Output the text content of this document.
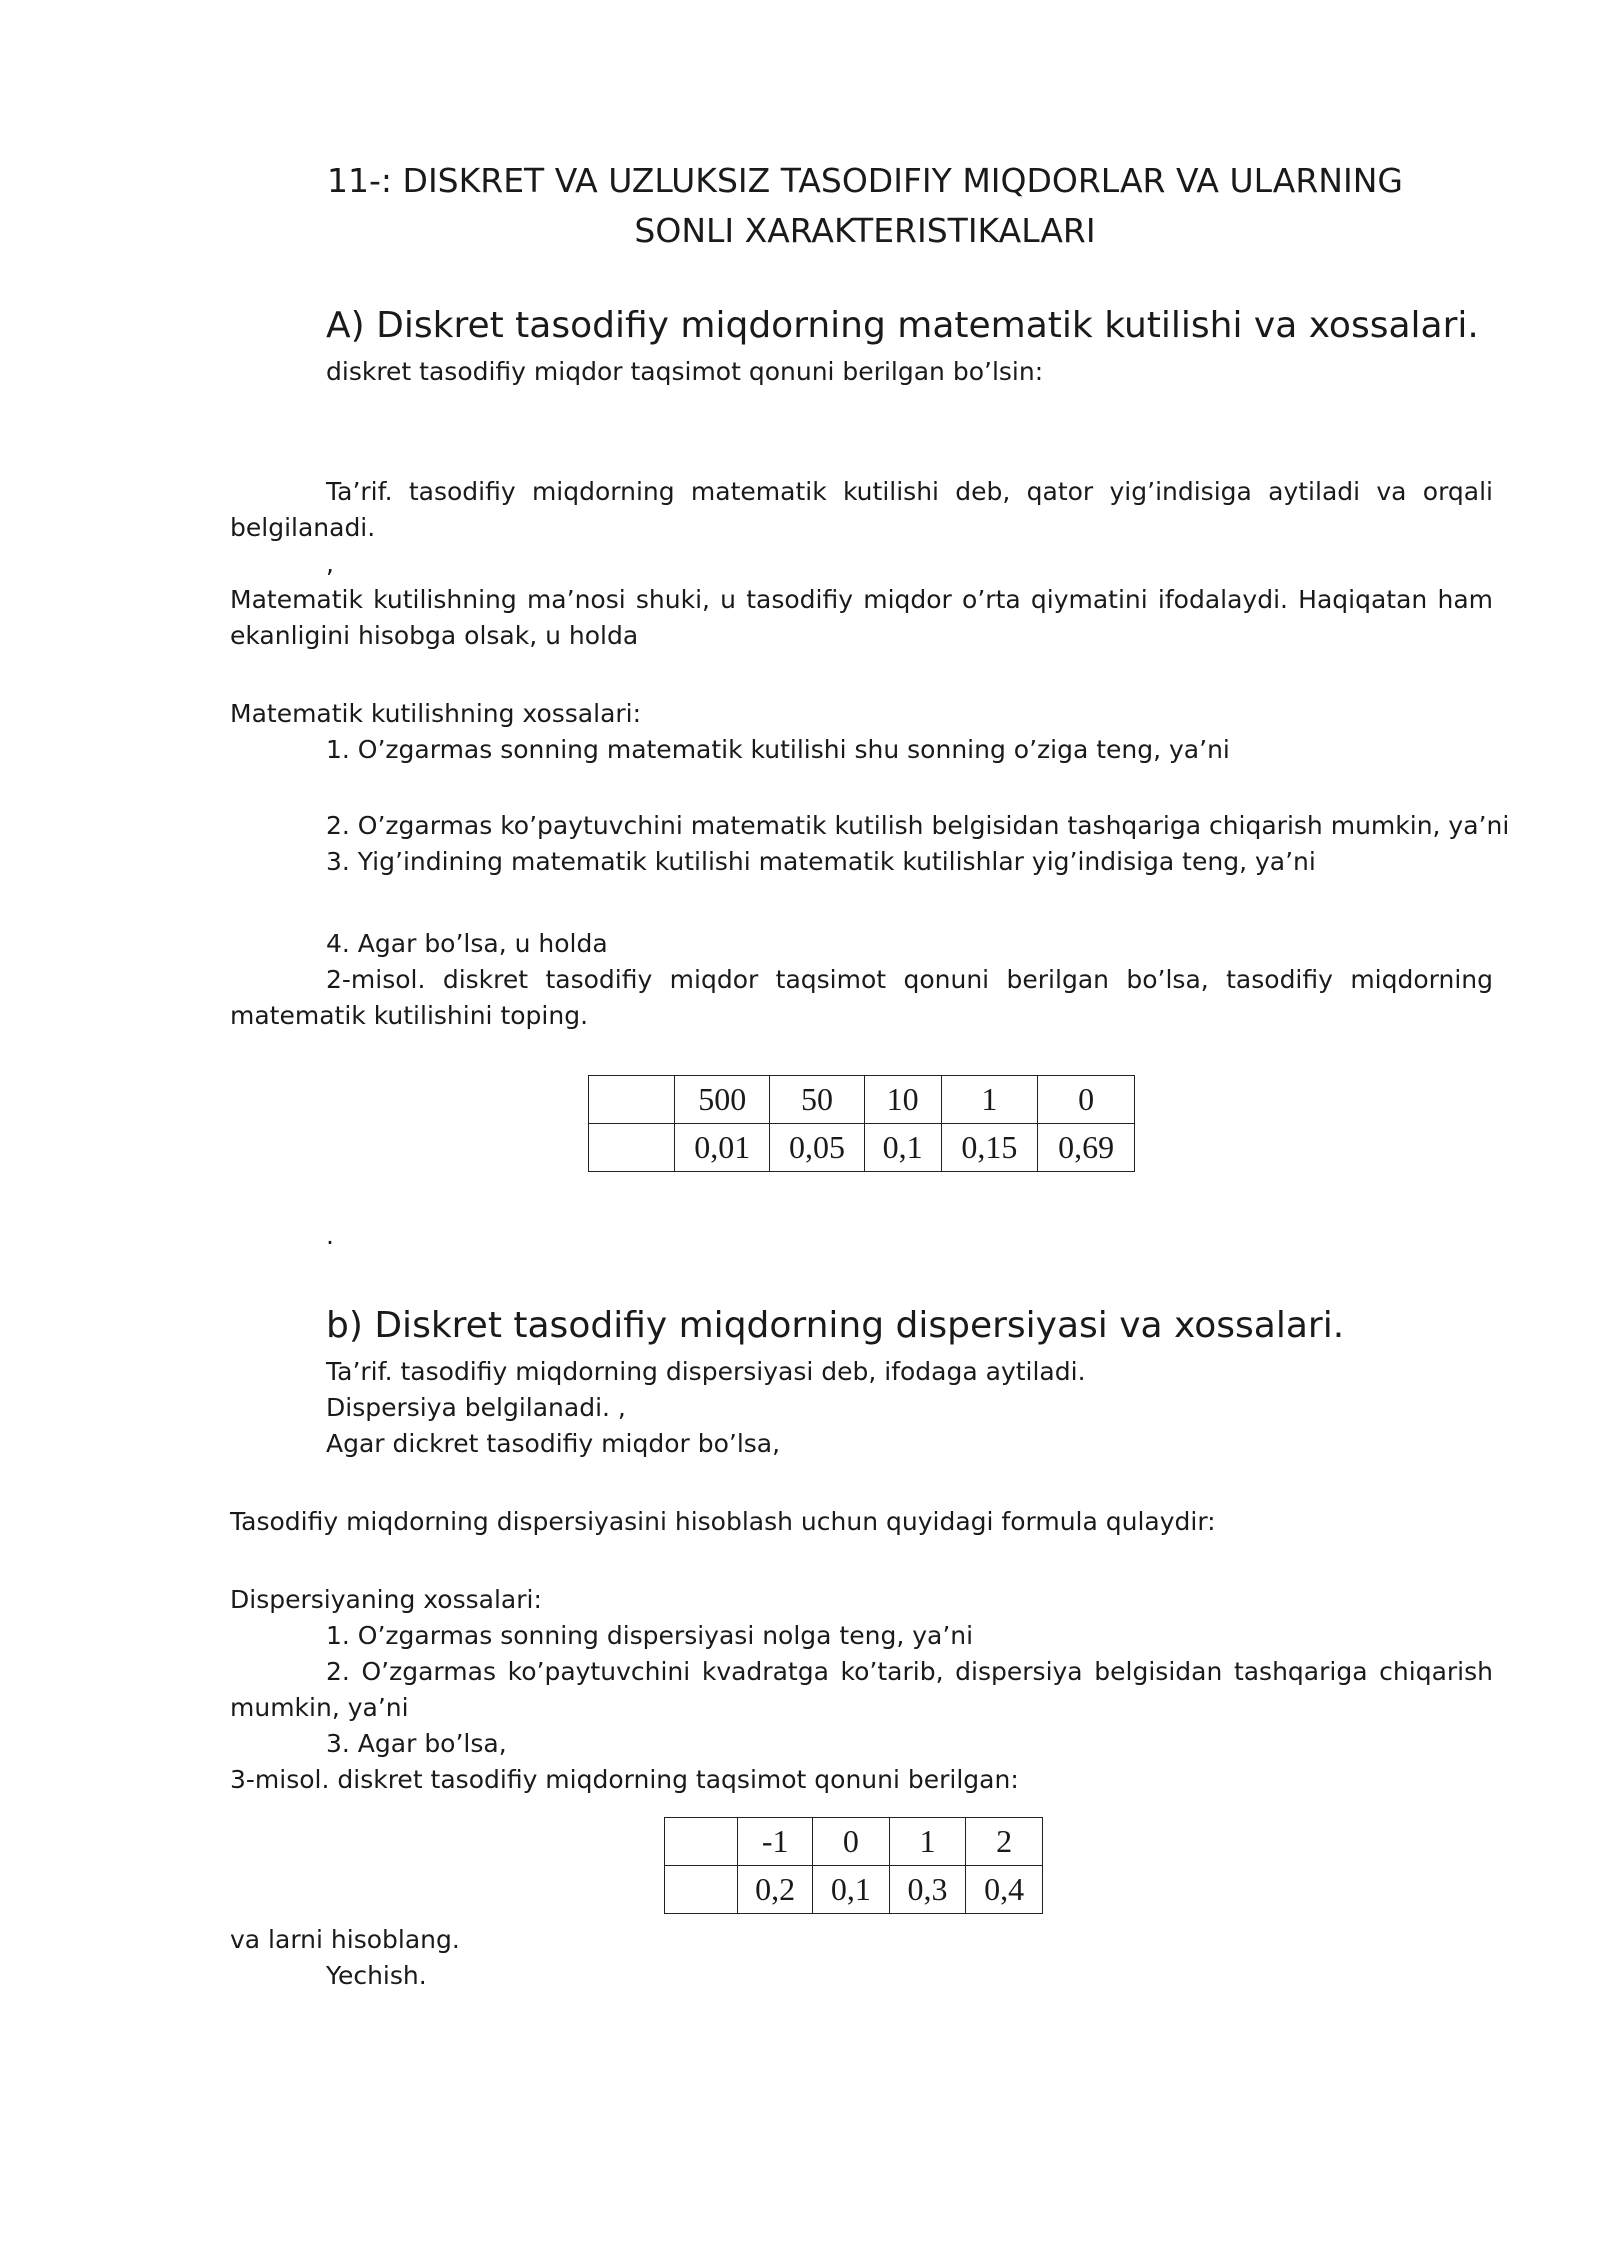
11-: DISKRET VA UZLUKSIZ TASODIFIY MIQDORLAR VA ULARNING
SONLI XARAKTERISTIKALARI
A) Diskret tasodifiy miqdorning matematik kutilishi va xossalari.
diskret tasodifiy miqdor taqsimot qonuni berilgan bo’lsin:
Ta’rif. tasodifiy miqdorning matematik kutilishi deb, qator yig’indisiga aytiladi va orqali
belgilanadi.
,
Matematik kutilishning ma’nosi shuki, u tasodifiy miqdor o’rta qiymatini ifodalaydi. Haqiqatan ham
ekanligini hisobga olsak, u holda
Matematik kutilishning xossalari:
1. O’zgarmas sonning matematik kutilishi shu sonning o’ziga teng, ya’ni
2. O’zgarmas ko’paytuvchini matematik kutilish belgisidan tashqariga chiqarish mumkin, ya’ni
3. Yig’indining matematik kutilishi matematik kutilishlar yig’indisiga teng, ya’ni
4. Agar bo’lsa, u holda
2-misol. diskret tasodifiy miqdor taqsimot qonuni berilgan bo’lsa, tasodifiy miqdorning
matematik kutilishini toping.
	500	50	10	1	0
	0,01	0,05	0,1	0,15	0,69
.
b) Diskret tasodifiy miqdorning dispersiyasi va xossalari.
Ta’rif. tasodifiy miqdorning dispersiyasi deb, ifodaga aytiladi.
Dispersiya belgilanadi. ,
Agar dickret tasodifiy miqdor bo’lsa,
Tasodifiy miqdorning dispersiyasini hisoblash uchun quyidagi formula qulaydir:
Dispersiyaning xossalari:
1. O’zgarmas sonning dispersiyasi nolga teng, ya’ni
2. O’zgarmas ko’paytuvchini kvadratga ko’tarib, dispersiya belgisidan tashqariga chiqarish
mumkin, ya’ni
3. Agar bo’lsa,
3-misol. diskret tasodifiy miqdorning taqsimot qonuni berilgan:
	-1	0	1	2
	0,2	0,1	0,3	0,4
va larni hisoblang.
Yechish.
